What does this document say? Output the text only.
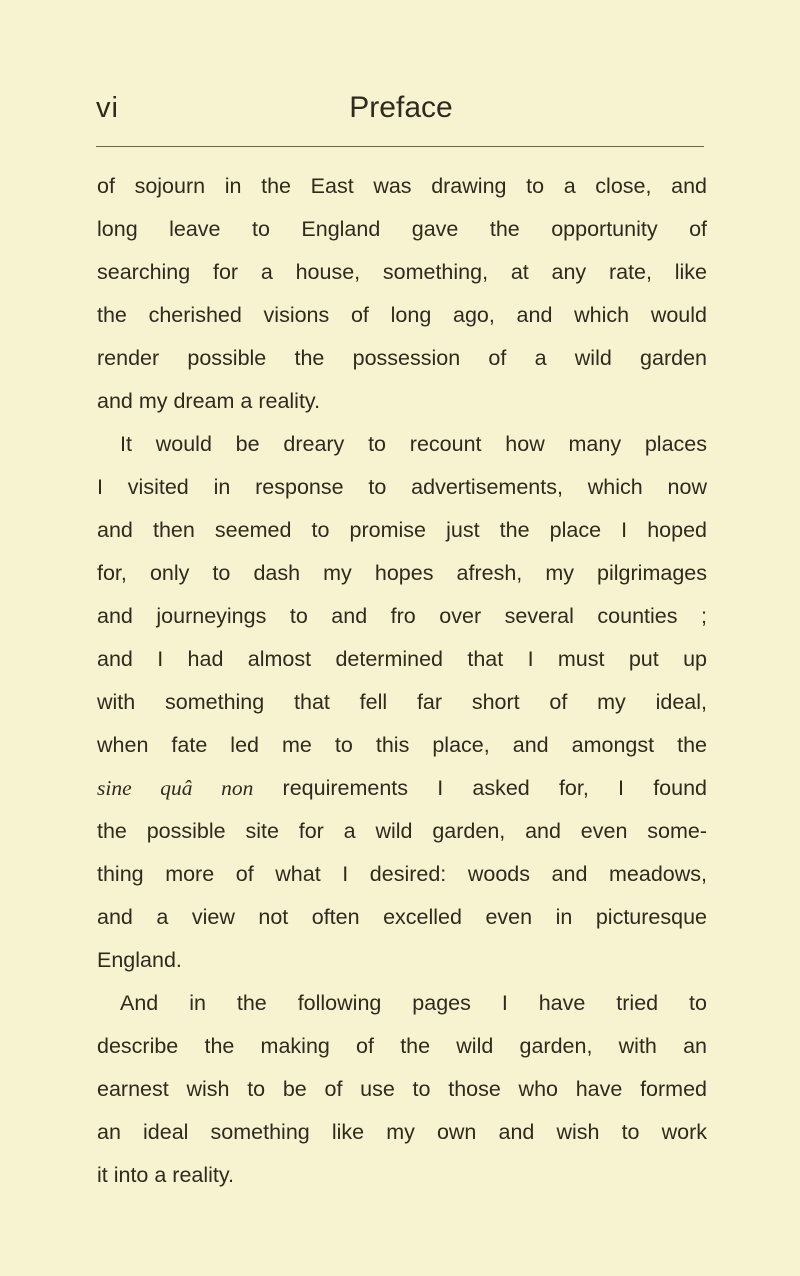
vi	Preface
of sojourn in the East was drawing to a close, and
long leave to England gave the opportunity of
searching for a house, something, at any rate, like
the cherished visions of long ago, and which would
render possible the possession of a wild garden
and my dream a reality.
It would be dreary to recount how many places
I visited in response to advertisements, which now
and then seemed to promise just the place I hoped
for, only to dash my hopes afresh, my pilgrimages
and journeyings to and fro over several counties ;
and I had almost determined that I must put up
with something that fell far short of my ideal,
when fate led me to this place, and amongst the
sine quâ non requirements I asked for, I found
the possible site for a wild garden, and even some-
thing more of what I desired: woods and meadows,
and a view not often excelled even in picturesque
England.
And in the following pages I have tried to
describe the making of the wild garden, with an
earnest wish to be of use to those who have formed
an ideal something like my own and wish to work
it into a reality.
